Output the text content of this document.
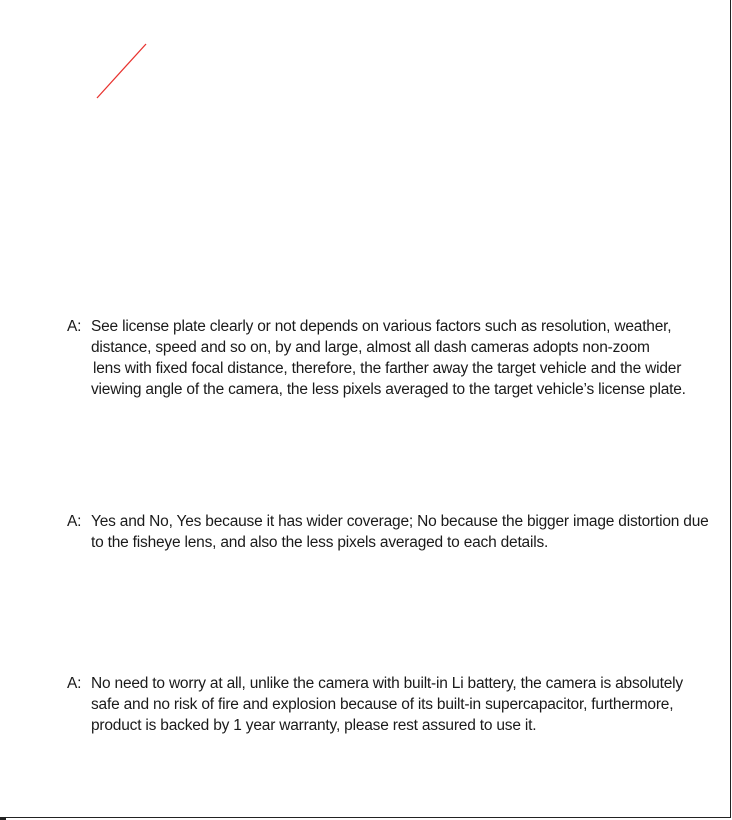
A: See license plate clearly or not depends on various factors such as resolution, weather,
distance, speed and so on, by and large, almost all dash cameras adopts non-zoom
lens with fixed focal distance, therefore, the farther away the target vehicle and the wider
viewing angle of the camera, the less pixels averaged to the target vehicle’s license plate.
A: Yes and No, Yes because it has wider coverage; No because the bigger image distortion due
to the fisheye lens, and also the less pixels averaged to each details.
A: No need to worry at all, unlike the camera with built-in Li battery, the camera is absolutely
safe and no risk of fire and explosion because of its built-in supercapacitor, furthermore,
product is backed by 1 year warranty, please rest assured to use it.
